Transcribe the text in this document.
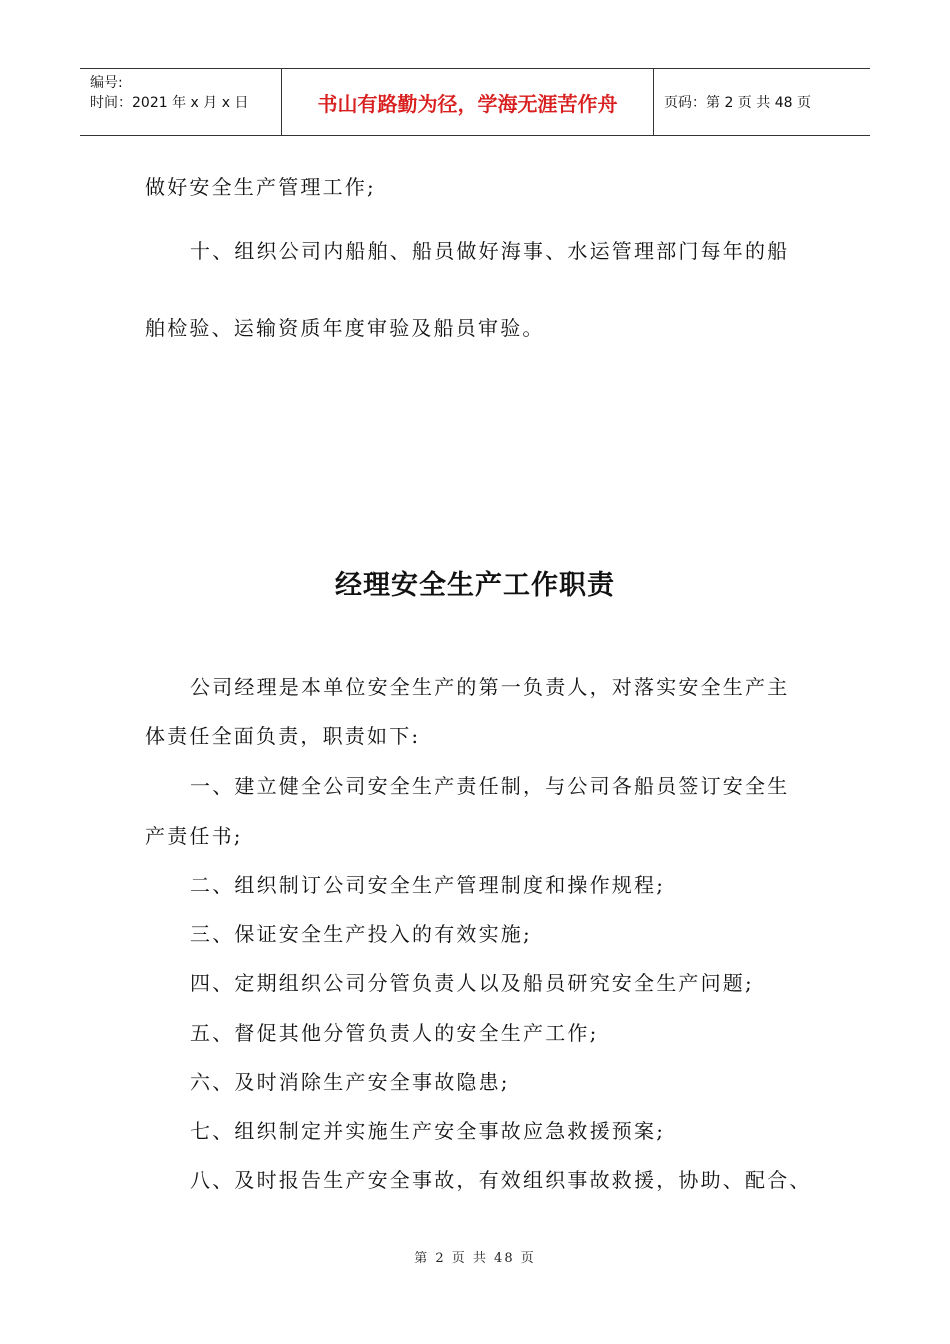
编号:
时间：2021 年 x 月 x 日	书山有路勤为径，学海无涯苦作舟	页码：第 2 页 共 48 页
做好安全生产管理工作;
十、组织公司内船舶、船员做好海事、水运管理部门每年的船
舶检验、运输资质年度审验及船员审验。
经理安全生产工作职责
公司经理是本单位安全生产的第一负责人，对落实安全生产主
体责任全面负责，职责如下:
一、建立健全公司安全生产责任制，与公司各船员签订安全生
产责任书;
二、组织制订公司安全生产管理制度和操作规程;
三、保证安全生产投入的有效实施;
四、定期组织公司分管负责人以及船员研究安全生产问题;
五、督促其他分管负责人的安全生产工作;
六、及时消除生产安全事故隐患;
七、组织制定并实施生产安全事故应急救援预案;
八、及时报告生产安全事故，有效组织事故救援，协助、配合、
第 2 页 共 48 页
